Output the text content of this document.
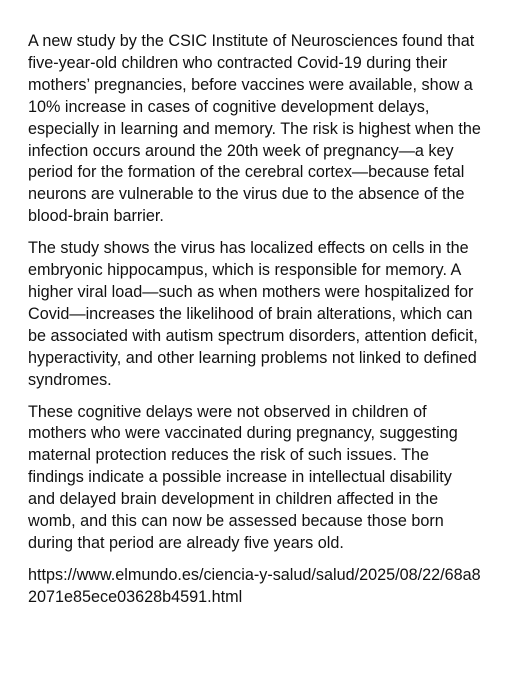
A new study by the CSIC Institute of Neurosciences found that five-year-old children who contracted Covid-19 during their mothers’ pregnancies, before vaccines were available, show a 10% increase in cases of cognitive development delays, especially in learning and memory. The risk is highest when the infection occurs around the 20th week of pregnancy—a key period for the formation of the cerebral cortex—because fetal neurons are vulnerable to the virus due to the absence of the blood-brain barrier.

The study shows the virus has localized effects on cells in the embryonic hippocampus, which is responsible for memory. A higher viral load—such as when mothers were hospitalized for Covid—increases the likelihood of brain alterations, which can be associated with autism spectrum disorders, attention deficit, hyperactivity, and other learning problems not linked to defined syndromes.

These cognitive delays were not observed in children of mothers who were vaccinated during pregnancy, suggesting maternal protection reduces the risk of such issues. The findings indicate a possible increase in intellectual disability and delayed brain development in children affected in the womb, and this can now be assessed because those born during that period are already five years old.

https://www.elmundo.es/ciencia-y-salud/salud/2025/08/22/68a82071e85ece03628b4591.html
